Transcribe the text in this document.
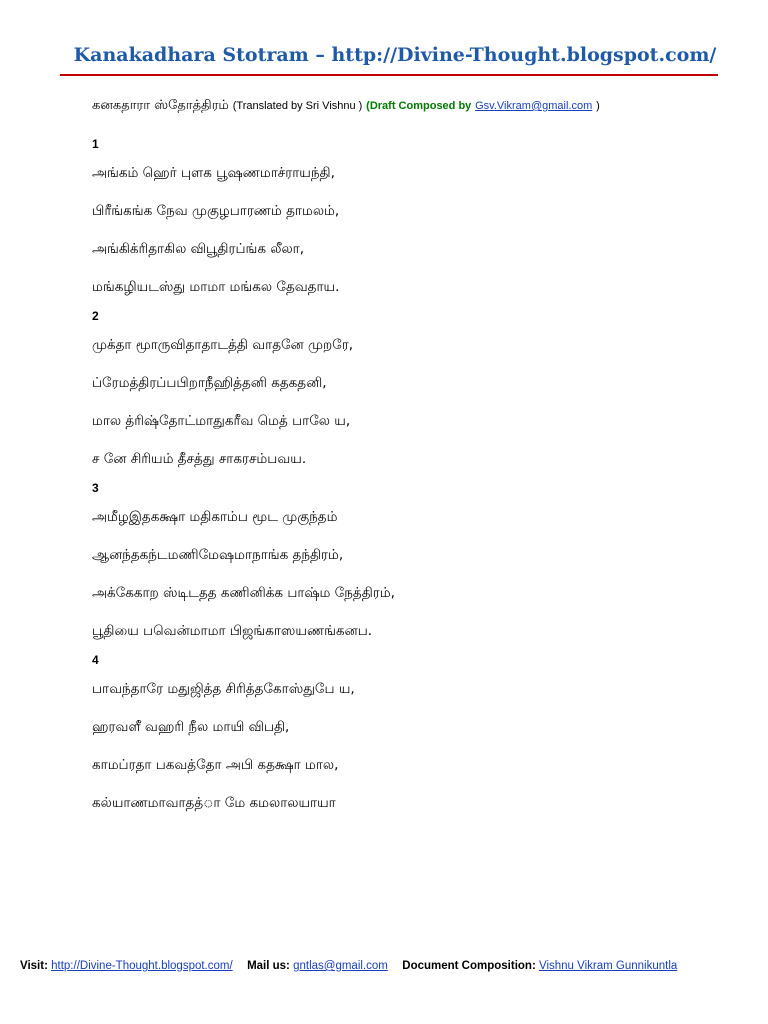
Kanakadhara Stotram – http://Divine-Thought.blogspot.com/
கனகதாரா ஸ்தோத்திரம் (Translated by Sri Vishnu ) (Draft Composed by Gsv.Vikram@gmail.com )
1
அங்கம் ஹெர் புளக பூஷணமாச்ராயந்தி,
பிரீங்கங்க நேவ முகுழபாரணம் தாமலம்,
அங்கிக்ரிதாகில விபூதிரப்ங்க லீலா,
மங்கழியடஸ்து மாமா மங்கல தேவதாய.
2
முக்தா மூாருவிதாதாடத்தி வாதனே முறரே,
ப்ரேமத்திரப்பபிறாநீஹித்தனி கதகதனி,
மால த்ரிஷ்தோட்மாதுகரீவ மெத் பாலே ய,
ச னே சிரியம் தீசத்து சாகரசம்பவய.
3
அமீழஇதகக்ஷா மதிகாம்ப மூட முகுந்தம்
ஆனந்தகந்டமணிமேஷமாநாங்க தந்திரம்,
அக்கேகாற ஸ்டிடதத கணினிக்க பாஷ்ம நேத்திரம்,
பூதியை பவென்மாமா பிஜங்காஸயணங்கனப.
4
பாவந்தாரே மதுஜித்த சிரித்தகோஸ்துபே ய,
ஹரவளீ வஹரி நீல மாயி விபதி,
காமப்ரதா பகவத்தோ அபி கதக்ஷா மால,
கல்யாணமாவாதத்ா மே கமலாலயாயா
Visit: http://Divine-Thought.blogspot.com/ Mail us: gntlas@gmail.com Document Composition: Vishnu Vikram Gunnikuntla
